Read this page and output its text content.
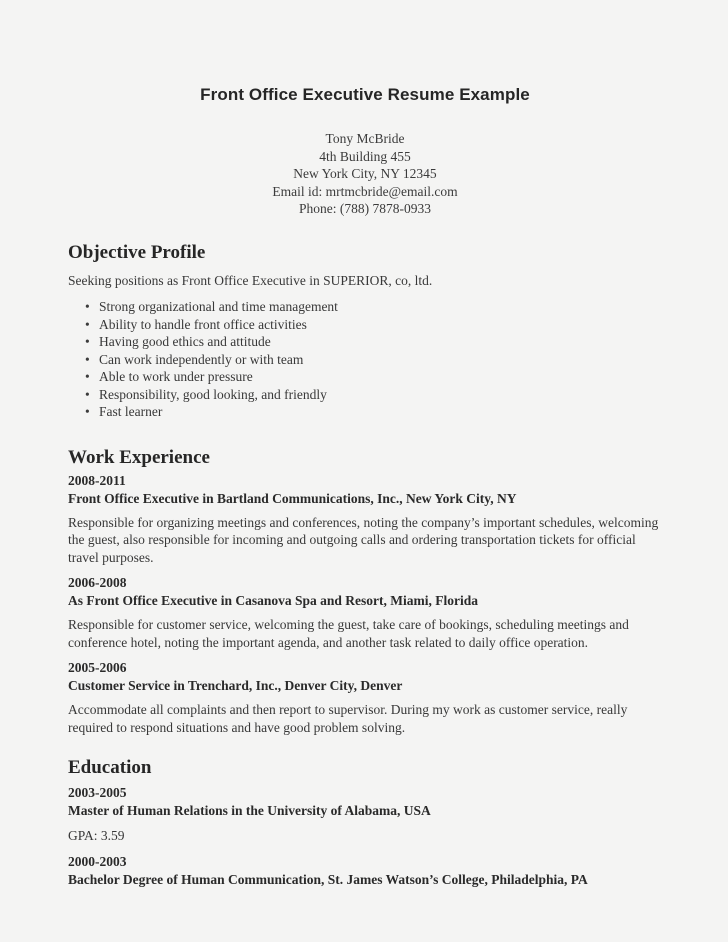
Front Office Executive Resume Example
Tony McBride
4th Building 455
New York City, NY 12345
Email id: mrtmcbride@email.com
Phone: (788) 7878-0933
Objective Profile

Seeking positions as Front Office Executive in SUPERIOR, co, ltd.

• Strong organizational and time management
• Ability to handle front office activities
• Having good ethics and attitude
• Can work independently or with team
• Able to work under pressure
• Responsibility, good looking, and friendly
• Fast learner
Work Experience
2008-2011
Front Office Executive in Bartland Communications, Inc., New York City, NY

Responsible for organizing meetings and conferences, noting the company’s important schedules, welcoming the guest, also responsible for incoming and outgoing calls and ordering transportation tickets for official travel purposes.

2006-2008
As Front Office Executive in Casanova Spa and Resort, Miami, Florida

Responsible for customer service, welcoming the guest, take care of bookings, scheduling meetings and conference hotel, noting the important agenda, and another task related to daily office operation.

2005-2006
Customer Service in Trenchard, Inc., Denver City, Denver

Accommodate all complaints and then report to supervisor. During my work as customer service, really required to respond situations and have good problem solving.

Education
2003-2005
Master of Human Relations in the University of Alabama, USA

GPA: 3.59

2000-2003
Bachelor Degree of Human Communication, St. James Watson’s College, Philadelphia, PA
